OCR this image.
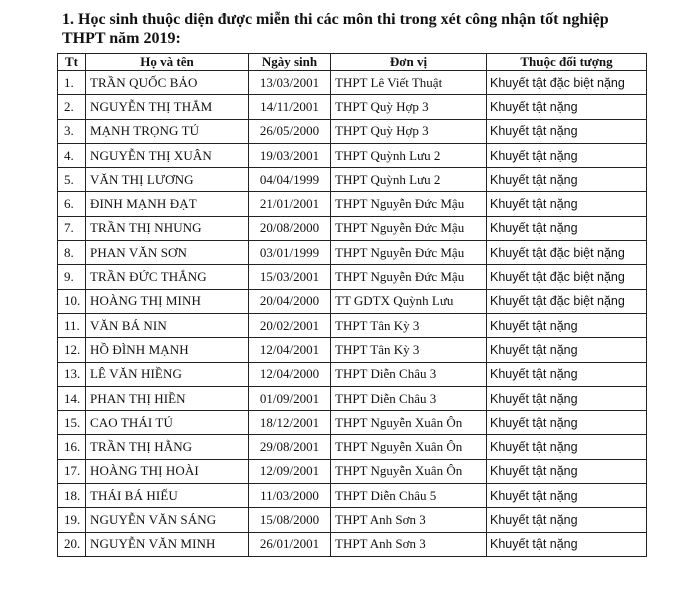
1. Học sinh thuộc diện được miễn thi các môn thi trong xét công nhận tốt nghiệp
THPT năm 2019:
Tt	Họ và tên	Ngày sinh	Đơn vị	Thuộc đối tượng
1.	TRẦN QUỐC BẢO	13/03/2001	THPT Lê Viết Thuật	Khuyết tật đặc biệt nặng
2.	NGUYỄN THỊ THẮM	14/11/2001	THPT Quỳ Hợp 3	Khuyết tật nặng
3.	MẠNH TRỌNG TÚ	26/05/2000	THPT Quỳ Hợp 3	Khuyết tật nặng
4.	NGUYỄN THỊ XUÂN	19/03/2001	THPT Quỳnh Lưu 2	Khuyết tật nặng
5.	VĂN THỊ LƯƠNG	04/04/1999	THPT Quỳnh Lưu 2	Khuyết tật nặng
6.	ĐINH MẠNH ĐẠT	21/01/2001	THPT Nguyễn Đức Mậu	Khuyết tật nặng
7.	TRẦN THỊ NHUNG	20/08/2000	THPT Nguyễn Đức Mậu	Khuyết tật nặng
8.	PHAN VĂN SƠN	03/01/1999	THPT Nguyễn Đức Mậu	Khuyết tật đặc biệt nặng
9.	TRẦN ĐỨC THẮNG	15/03/2001	THPT Nguyễn Đức Mậu	Khuyết tật đặc biệt nặng
10.	HOÀNG THỊ MINH	20/04/2000	TT GDTX Quỳnh Lưu	Khuyết tật đặc biệt nặng
11.	VĂN BÁ NIN	20/02/2001	THPT Tân Kỳ 3	Khuyết tật nặng
12.	HỒ ĐÌNH MẠNH	12/04/2001	THPT Tân Kỳ 3	Khuyết tật nặng
13.	LÊ VĂN HIỀNG	12/04/2000	THPT Diễn Châu 3	Khuyết tật nặng
14.	PHAN THỊ HIỀN	01/09/2001	THPT Diễn Châu 3	Khuyết tật nặng
15.	CAO THÁI TÚ	18/12/2001	THPT Nguyễn Xuân Ôn	Khuyết tật nặng
16.	TRẦN THỊ HẰNG	29/08/2001	THPT Nguyễn Xuân Ôn	Khuyết tật nặng
17.	HOÀNG THỊ HOÀI	12/09/2001	THPT Nguyễn Xuân Ôn	Khuyết tật nặng
18.	THÁI BÁ HIẾU	11/03/2000	THPT Diễn Châu 5	Khuyết tật nặng
19.	NGUYỄN VĂN SÁNG	15/08/2000	THPT Anh Sơn 3	Khuyết tật nặng
20.	NGUYỄN VĂN MINH	26/01/2001	THPT Anh Sơn 3	Khuyết tật nặng
